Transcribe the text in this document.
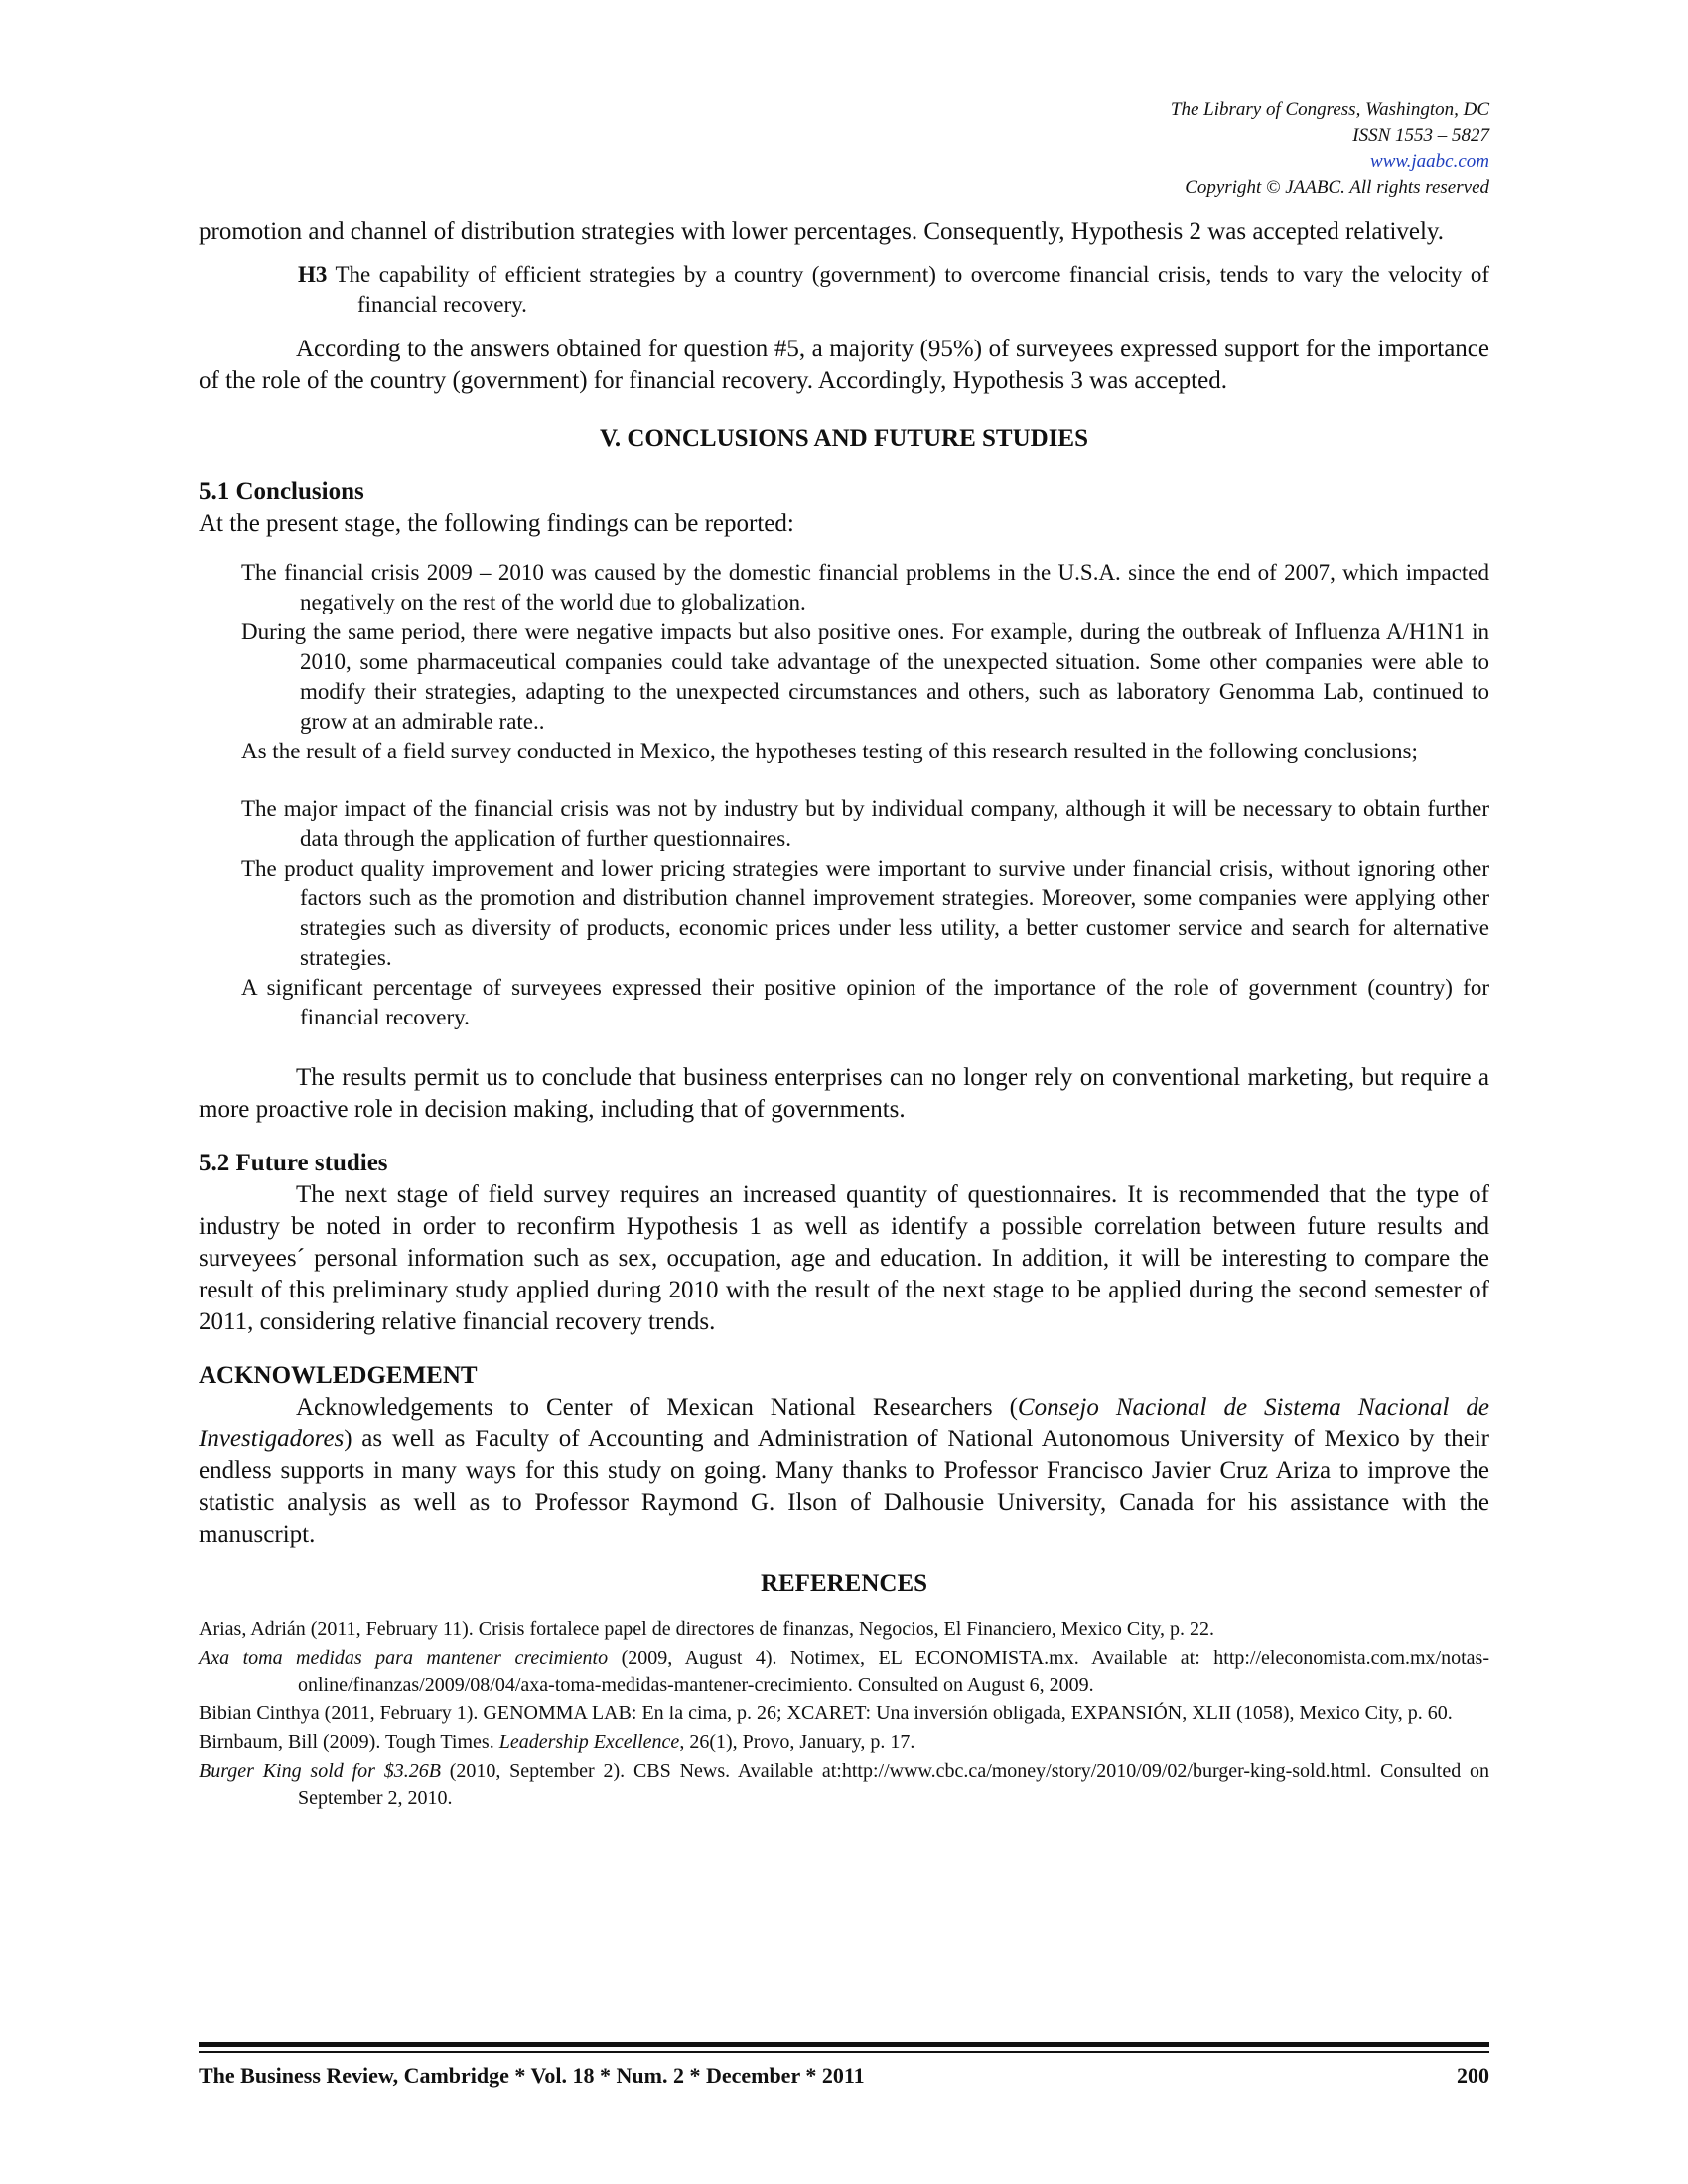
The Library of Congress, Washington, DC
ISSN 1553 – 5827
www.jaabc.com
Copyright © JAABC. All rights reserved

promotion and channel of distribution strategies with lower percentages. Consequently, Hypothesis 2 was accepted relatively.

H3 The capability of efficient strategies by a country (government) to overcome financial crisis, tends to vary the velocity of financial recovery.

According to the answers obtained for question #5, a majority (95%) of surveyees expressed support for the importance of the role of the country (government) for financial recovery. Accordingly, Hypothesis 3 was accepted.

V. CONCLUSIONS AND FUTURE STUDIES
5.1 Conclusions

At the present stage, the following findings can be reported:

The financial crisis 2009 – 2010 was caused by the domestic financial problems in the U.S.A. since the end of 2007, which impacted negatively on the rest of the world due to globalization.
During the same period, there were negative impacts but also positive ones. For example, during the outbreak of Influenza A/H1N1 in 2010, some pharmaceutical companies could take advantage of the unexpected situation. Some other companies were able to modify their strategies, adapting to the unexpected circumstances and others, such as laboratory Genomma Lab, continued to grow at an admirable rate..
As the result of a field survey conducted in Mexico, the hypotheses testing of this research resulted in the following conclusions;
The major impact of the financial crisis was not by industry but by individual company, although it will be necessary to obtain further data through the application of further questionnaires.
The product quality improvement and lower pricing strategies were important to survive under financial crisis, without ignoring other factors such as the promotion and distribution channel improvement strategies. Moreover, some companies were applying other strategies such as diversity of products, economic prices under less utility, a better customer service and search for alternative strategies.
A significant percentage of surveyees expressed their positive opinion of the importance of the role of government (country) for financial recovery.

The results permit us to conclude that business enterprises can no longer rely on conventional marketing, but require a more proactive role in decision making, including that of governments.

5.2 Future studies

The next stage of field survey requires an increased quantity of questionnaires. It is recommended that the type of industry be noted in order to reconfirm Hypothesis 1 as well as identify a possible correlation between future results and surveyees´ personal information such as sex, occupation, age and education. In addition, it will be interesting to compare the result of this preliminary study applied during 2010 with the result of the next stage to be applied during the second semester of 2011, considering relative financial recovery trends.

ACKNOWLEDGEMENT

Acknowledgements to Center of Mexican National Researchers (Consejo Nacional de Sistema Nacional de Investigadores) as well as Faculty of Accounting and Administration of National Autonomous University of Mexico by their endless supports in many ways for this study on going. Many thanks to Professor Francisco Javier Cruz Ariza to improve the statistic analysis as well as to Professor Raymond G. Ilson of Dalhousie University, Canada for his assistance with the manuscript.

REFERENCES
Arias, Adrián (2011, February 11). Crisis fortalece papel de directores de finanzas, Negocios, El Financiero, Mexico City, p. 22.
Axa toma medidas para mantener crecimiento (2009, August 4). Notimex, EL ECONOMISTA.mx. Available at: http://eleconomista.com.mx/notas-online/finanzas/2009/08/04/axa-toma-medidas-mantener-crecimiento. Consulted on August 6, 2009.
Bibian Cinthya (2011, February 1). GENOMMA LAB: En la cima, p. 26; XCARET: Una inversión obligada, EXPANSIÓN, XLII (1058), Mexico City, p. 60.
Birnbaum, Bill (2009). Tough Times. Leadership Excellence, 26(1), Provo, January, p. 17.
Burger King sold for $3.26B (2010, September 2). CBS News. Available at:http://www.cbc.ca/money/story/2010/09/02/burger-king-sold.html. Consulted on September 2, 2010.
The Business Review, Cambridge * Vol. 18 * Num. 2 * December * 2011	200
